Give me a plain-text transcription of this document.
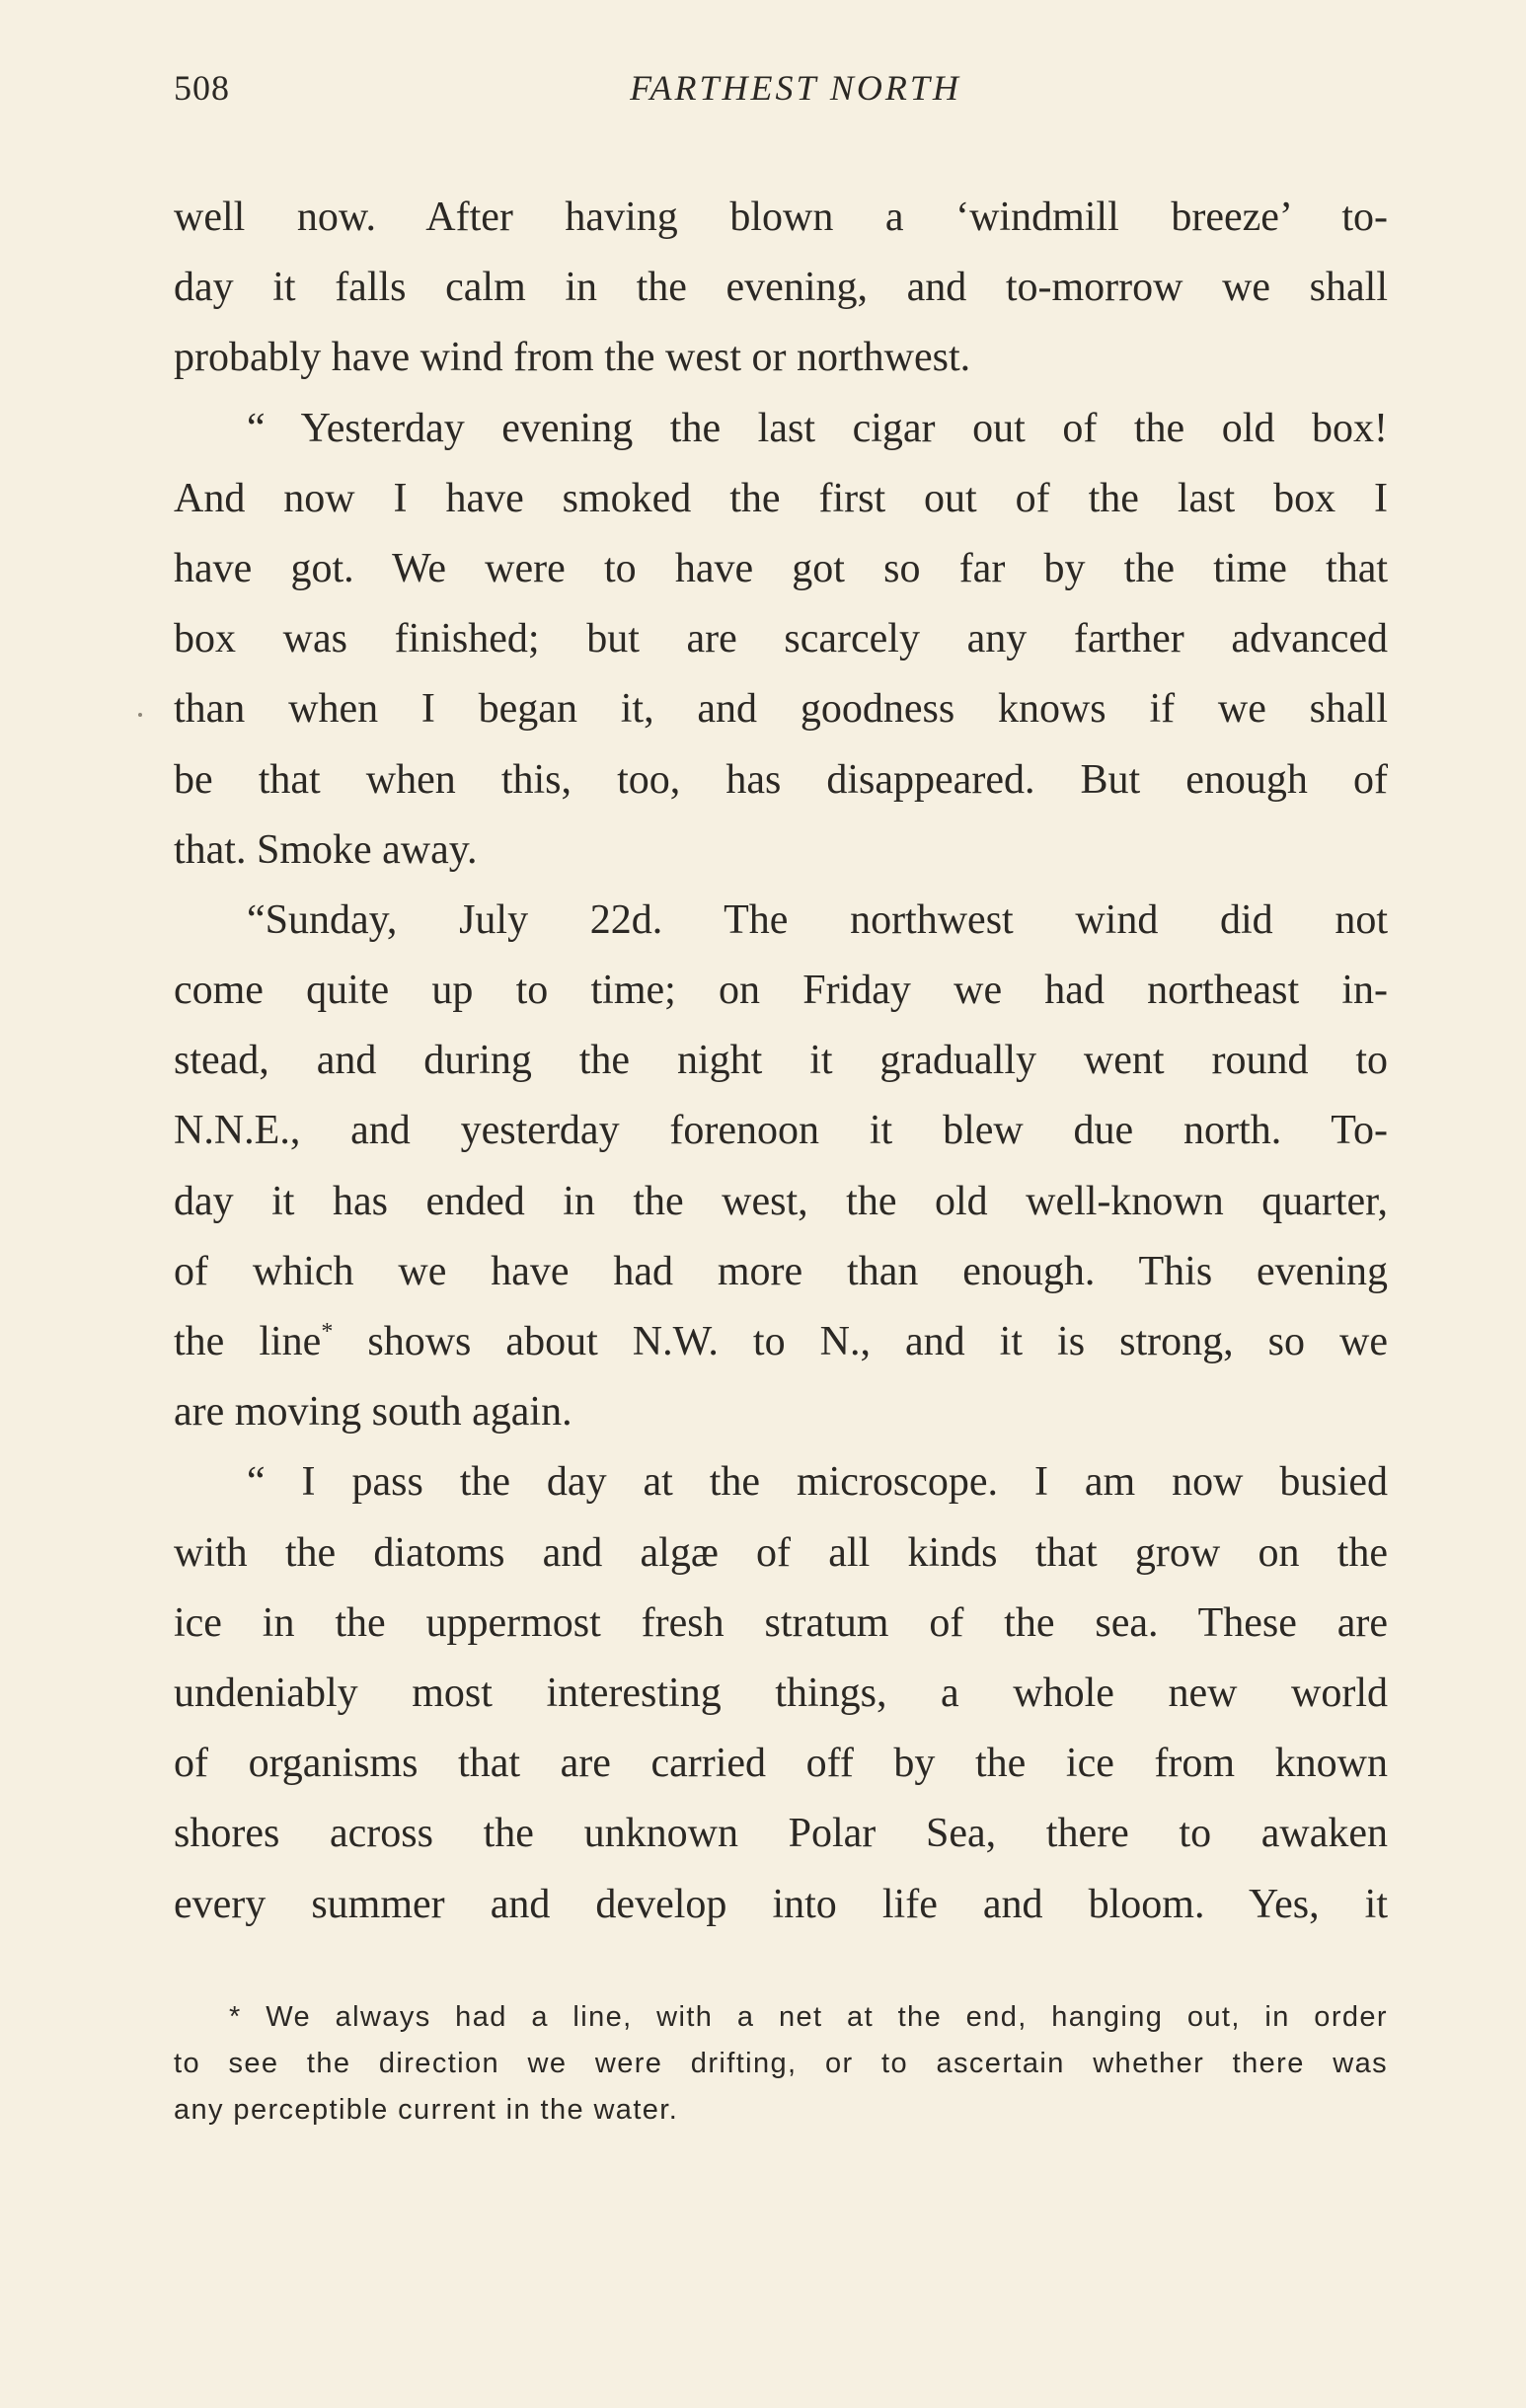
508	FARTHEST NORTH
well now. After having blown a ‘windmill breeze’ to-
day it falls calm in the evening, and to-morrow we shall
probably have wind from the west or northwest.
“ Yesterday evening the last cigar out of the old box!
And now I have smoked the first out of the last box I
have got. We were to have got so far by the time that
box was finished; but are scarcely any farther advanced
than when I began it, and goodness knows if we shall
be that when this, too, has disappeared. But enough of
that. Smoke away.
“Sunday, July 22d. The northwest wind did not
come quite up to time; on Friday we had northeast in-
stead, and during the night it gradually went round to
N.N.E., and yesterday forenoon it blew due north. To-
day it has ended in the west, the old well-known quarter,
of which we have had more than enough. This evening
the line* shows about N.W. to N., and it is strong, so we
are moving south again.
“ I pass the day at the microscope. I am now busied
with the diatoms and algæ of all kinds that grow on the
ice in the uppermost fresh stratum of the sea. These are
undeniably most interesting things, a whole new world
of organisms that are carried off by the ice from known
shores across the unknown Polar Sea, there to awaken
every summer and develop into life and bloom. Yes, it
* We always had a line, with a net at the end, hanging out, in order
to see the direction we were drifting, or to ascertain whether there was
any perceptible current in the water.
